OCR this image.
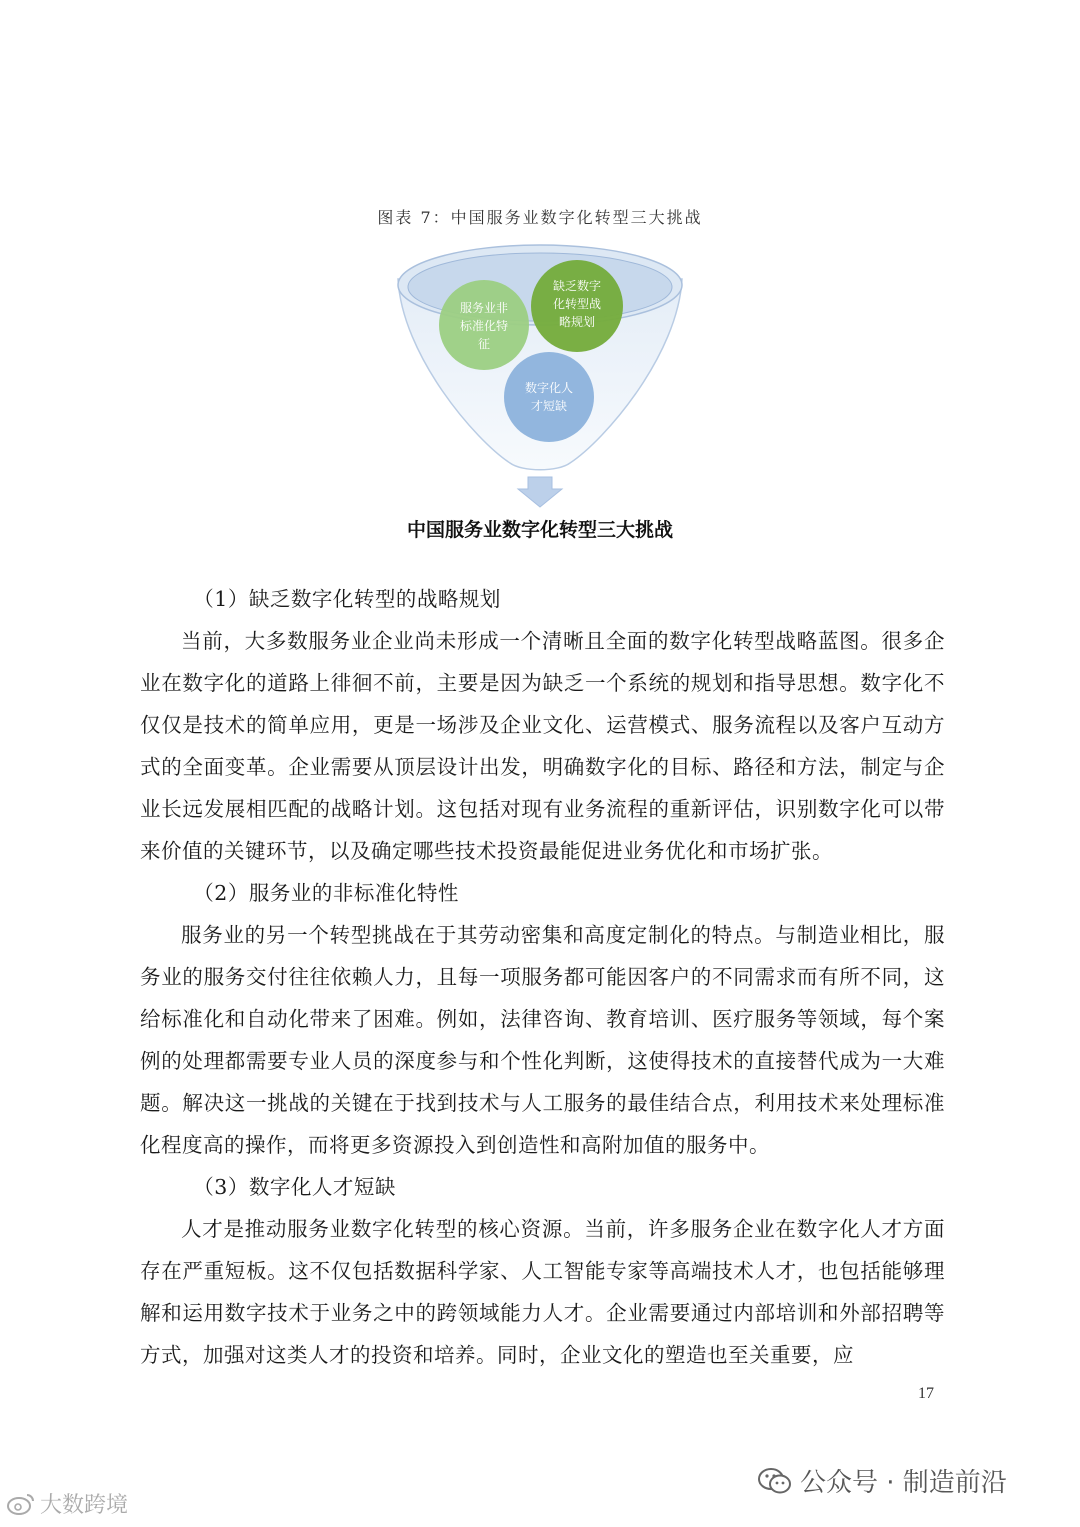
图表 7：中国服务业数字化转型三大挑战
服务业非
标准化特
征
缺乏数字
化转型战
略规划
数字化人
才短缺
中国服务业数字化转型三大挑战

（1）缺乏数字化转型的战略规划

当前，大多数服务业企业尚未形成一个清晰且全面的数字化转型战略蓝图。很多企业在数字化的道路上徘徊不前，主要是因为缺乏一个系统的规划和指导思想。数字化不仅仅是技术的简单应用，更是一场涉及企业文化、运营模式、服务流程以及客户互动方式的全面变革。企业需要从顶层设计出发，明确数字化的目标、路径和方法，制定与企业长远发展相匹配的战略计划。这包括对现有业务流程的重新评估，识别数字化可以带来价值的关键环节，以及确定哪些技术投资最能促进业务优化和市场扩张。

（2）服务业的非标准化特性

服务业的另一个转型挑战在于其劳动密集和高度定制化的特点。与制造业相比，服务业的服务交付往往依赖人力，且每一项服务都可能因客户的不同需求而有所不同，这给标准化和自动化带来了困难。例如，法律咨询、教育培训、医疗服务等领域，每个案例的处理都需要专业人员的深度参与和个性化判断，这使得技术的直接替代成为一大难题。解决这一挑战的关键在于找到技术与人工服务的最佳结合点，利用技术来处理标准化程度高的操作，而将更多资源投入到创造性和高附加值的服务中。

（3）数字化人才短缺

人才是推动服务业数字化转型的核心资源。当前，许多服务企业在数字化人才方面存在严重短板。这不仅包括数据科学家、人工智能专家等高端技术人才，也包括能够理解和运用数字技术于业务之中的跨领域能力人才。企业需要通过内部培训和外部招聘等方式，加强对这类人才的投资和培养。同时，企业文化的塑造也至关重要，应

17
公众号 · 制造前沿
大数跨境
